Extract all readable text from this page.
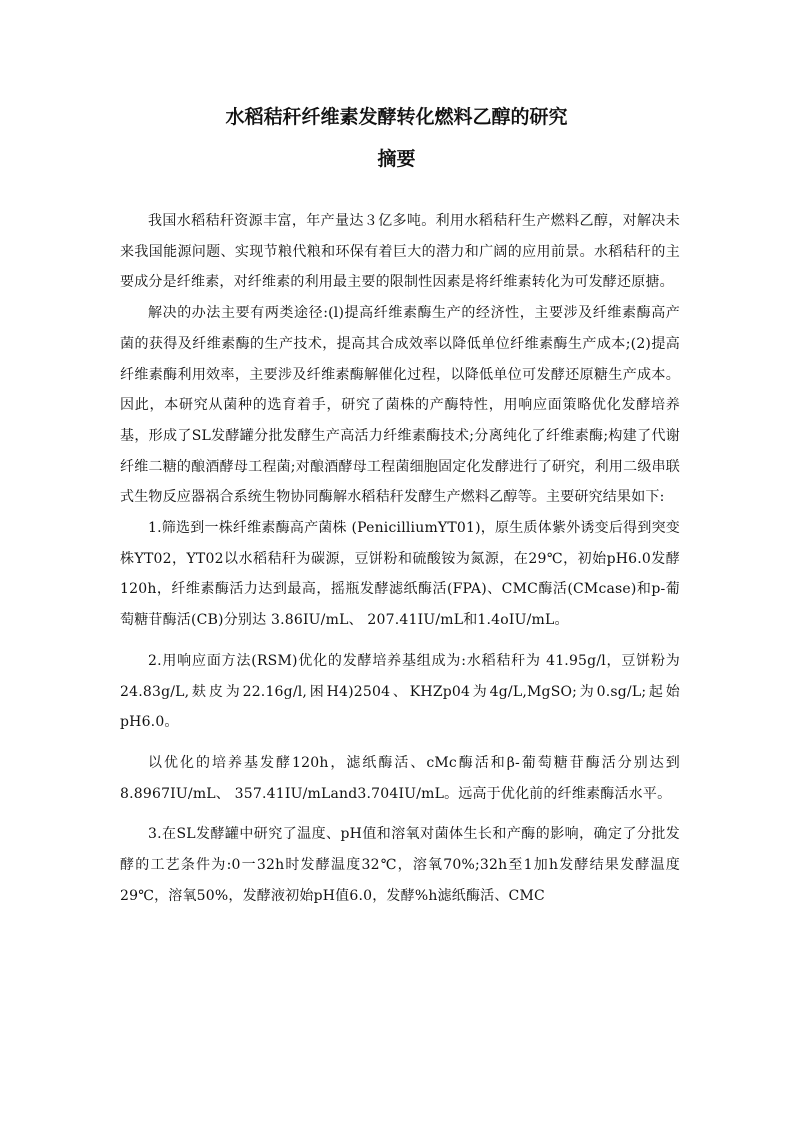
水稻秸秆纤维素发酵转化燃料乙醇的研究
摘要

我国水稻秸秆资源丰富，年产量达３亿多吨。利用水稻秸秆生产燃料乙醇，对解决未来我国能源问题、实现节粮代粮和环保有着巨大的潜力和广阔的应用前景。水稻秸秆的主要成分是纤维素，对纤维素的利用最主要的限制性因素是将纤维素转化为可发酵还原搪。

解决的办法主要有两类途径:(l)提高纤维素酶生产的经济性，主要涉及纤维素酶高产菌的获得及纤维素酶的生产技术，提高其合成效率以降低单位纤维素酶生产成本;(2)提高纤维素酶利用效率，主要涉及纤维素酶解催化过程，以降低单位可发酵还原糖生产成本。因此，本研究从菌种的选育着手，研究了菌株的产酶特性，用响应面策略优化发酵培养基，形成了SL发酵罐分批发酵生产高活力纤维素酶技术;分离纯化了纤维素酶;构建了代谢纤维二糖的酿酒酵母工程菌;对酿酒酵母工程菌细胞固定化发酵进行了研究，利用二级串联式生物反应器祸合系统生物协同酶解水稻秸秆发酵生产燃料乙醇等。主要研究结果如下:

1.筛选到一株纤维素酶高产菌株 (PenicilliumYT01)，原生质体紫外诱变后得到突变株YT02，YT02以水稻秸秆为碳源，豆饼粉和硫酸铵为氮源，在29℃，初始pH6.0发酵120h，纤维素酶活力达到最高，摇瓶发酵滤纸酶活(FPA)、CMC酶活(CMcase)和p-葡萄糖苷酶活(CB)分别达 3.86IU/mL、 207.41IU/mL和1.4oIU/mL。

2.用响应面方法(RSM)优化的发酵培养基组成为:水稻秸秆为 41.95g/l，豆饼粉为 24.83g/L,麸皮为22.16g/l,困H4)2504、KHZp04为4g/L,MgSO;为0.sg/L;起始pH6.0。

以优化的培养基发酵120h，滤纸酶活、cMc酶活和β-葡萄糖苷酶活分别达到8.8967IU/mL、 357.41IU/mLand3.704IU/mL。远高于优化前的纤维素酶活水平。

3.在SL发酵罐中研究了温度、pH值和溶氧对菌体生长和产酶的影响，确定了分批发酵的工艺条件为:0一32h时发酵温度32℃，溶氧70%;32h至1加h发酵结果发酵温度 29℃，溶氧50%，发酵液初始pH值6.0，发酵%h滤纸酶活、CMC
